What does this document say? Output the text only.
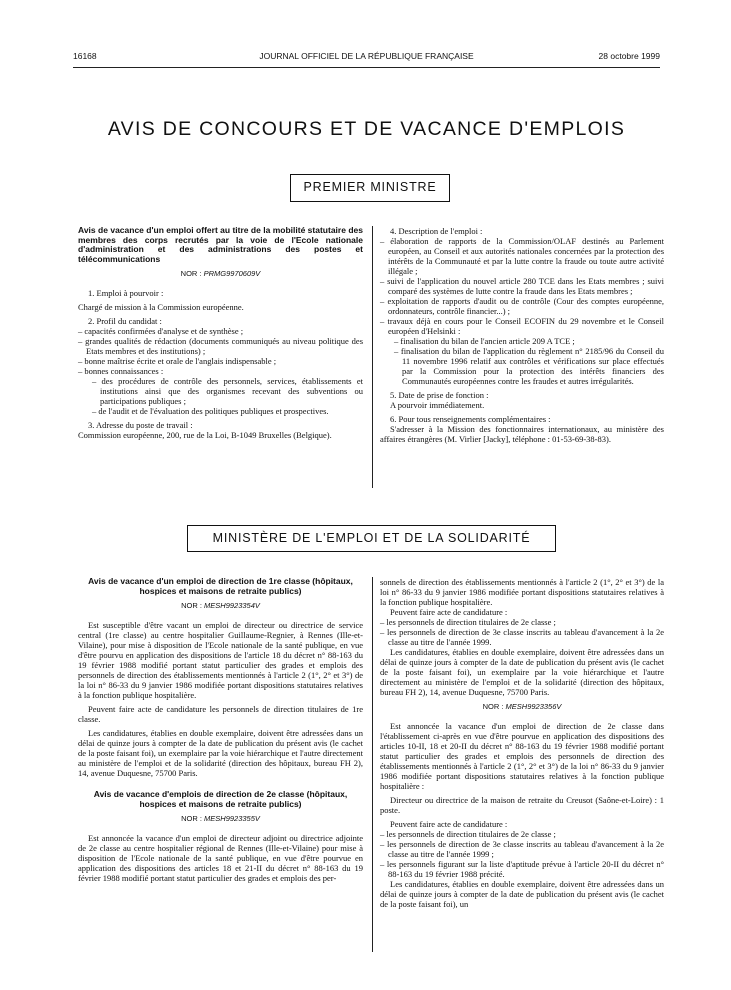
16168	JOURNAL OFFICIEL DE LA RÉPUBLIQUE FRANÇAISE	28 octobre 1999
AVIS DE CONCOURS ET DE VACANCE D'EMPLOIS
PREMIER MINISTRE
Avis de vacance d'un emploi offert au titre de la mobilité statutaire des membres des corps recrutés par la voie de l'Ecole nationale d'administration et des administrations des postes et télécommunications
NOR : PRMG9970609V

1. Emploi à pourvoir :

Chargé de mission à la Commission européenne.

2. Profil du candidat :

– capacités confirmées d'analyse et de synthèse ;

– grandes qualités de rédaction (documents communiqués au niveau politique des Etats membres et des institutions) ;

– bonne maîtrise écrite et orale de l'anglais indispensable ;

– bonnes connaissances :

– des procédures de contrôle des personnels, services, établissements et institutions ainsi que des organismes recevant des subventions ou participations publiques ;

– de l'audit et de l'évaluation des politiques publiques et prospectives.

3. Adresse du poste de travail :

Commission européenne, 200, rue de la Loi, B-1049 Bruxelles (Belgique).

4. Description de l'emploi :

– élaboration de rapports de la Commission/OLAF destinés au Parlement européen, au Conseil et aux autorités nationales concernées par la protection des intérêts de la Communauté et par la lutte contre la fraude ou toute autre activité illégale ;

– suivi de l'application du nouvel article 280 TCE dans les Etats membres ; suivi comparé des systèmes de lutte contre la fraude dans les Etats membres ;

– exploitation de rapports d'audit ou de contrôle (Cour des comptes européenne, ordonnateurs, contrôle financier...) ;

– travaux déjà en cours pour le Conseil ECOFIN du 29 novembre et le Conseil européen d'Helsinki :

– finalisation du bilan de l'ancien article 209 A TCE ;

– finalisation du bilan de l'application du règlement n° 2185/96 du Conseil du 11 novembre 1996 relatif aux contrôles et vérifications sur place effectués par la Commission pour la protection des intérêts financiers des Communautés européennes contre les fraudes et autres irrégularités.

5. Date de prise de fonction :

A pourvoir immédiatement.

6. Pour tous renseignements complémentaires :

S'adresser à la Mission des fonctionnaires internationaux, au ministère des affaires étrangères (M. Virlier [Jacky], téléphone : 01-53-69-38-83).

MINISTÈRE DE L'EMPLOI ET DE LA SOLIDARITÉ
Avis de vacance d'un emploi de direction de 1re classe (hôpitaux, hospices et maisons de retraite publics)
NOR : MESH9923354V

Est susceptible d'être vacant un emploi de directeur ou directrice de service central (1re classe) au centre hospitalier Guillaume-Regnier, à Rennes (Ille-et-Vilaine), pour mise à disposition de l'Ecole nationale de la santé publique, en vue d'être pourvu en application des dispositions de l'article 18 du décret n° 88-163 du 19 février 1988 modifié portant statut particulier des grades et emplois des personnels de direction des établissements mentionnés à l'article 2 (1°, 2° et 3°) de la loi n° 86-33 du 9 janvier 1986 modifiée portant dispositions statutaires relatives à la fonction publique hospitalière.

Peuvent faire acte de candidature les personnels de direction titulaires de 1re classe.

Les candidatures, établies en double exemplaire, doivent être adressées dans un délai de quinze jours à compter de la date de publication du présent avis (le cachet de la poste faisant foi), un exemplaire par la voie hiérarchique et l'autre directement au ministère de l'emploi et de la solidarité (direction des hôpitaux, bureau FH 2), 14, avenue Duquesne, 75700 Paris.

Avis de vacance d'emplois de direction de 2e classe (hôpitaux, hospices et maisons de retraite publics)
NOR : MESH9923355V

Est annoncée la vacance d'un emploi de directeur adjoint ou directrice adjointe de 2e classe au centre hospitalier régional de Rennes (Ille-et-Vilaine) pour mise à disposition de l'Ecole nationale de la santé publique, en vue d'être pourvue en application des dispositions des articles 18 et 21-II du décret n° 88-163 du 19 février 1988 modifié portant statut particulier des grades et emplois des per-

sonnels de direction des établissements mentionnés à l'article 2 (1°, 2° et 3°) de la loi n° 86-33 du 9 janvier 1986 modifiée portant dispositions statutaires relatives à la fonction publique hospitalière.

Peuvent faire acte de candidature :

– les personnels de direction titulaires de 2e classe ;

– les personnels de direction de 3e classe inscrits au tableau d'avancement à la 2e classe au titre de l'année 1999.

Les candidatures, établies en double exemplaire, doivent être adressées dans un délai de quinze jours à compter de la date de publication du présent avis (le cachet de la poste faisant foi), un exemplaire par la voie hiérarchique et l'autre directement au ministère de l'emploi et de la solidarité (direction des hôpitaux, bureau FH 2), 14, avenue Duquesne, 75700 Paris.

NOR : MESH9923356V

Est annoncée la vacance d'un emploi de direction de 2e classe dans l'établissement ci-après en vue d'être pourvue en application des dispositions des articles 10-II, 18 et 20-II du décret n° 88-163 du 19 février 1988 modifié portant statut particulier des grades et emplois des personnels de direction des établissements mentionnés à l'article 2 (1°, 2° et 3°) de la loi n° 86-33 du 9 janvier 1986 modifiée portant dispositions statutaires relatives à la fonction publique hospitalière :

Directeur ou directrice de la maison de retraite du Creusot (Saône-et-Loire) : 1 poste.

Peuvent faire acte de candidature :

– les personnels de direction titulaires de 2e classe ;

– les personnels de direction de 3e classe inscrits au tableau d'avancement à la 2e classe au titre de l'année 1999 ;

– les personnels figurant sur la liste d'aptitude prévue à l'article 20-II du décret n° 88-163 du 19 février 1988 précité.

Les candidatures, établies en double exemplaire, doivent être adressées dans un délai de quinze jours à compter de la date de publication du présent avis (le cachet de la poste faisant foi), un
